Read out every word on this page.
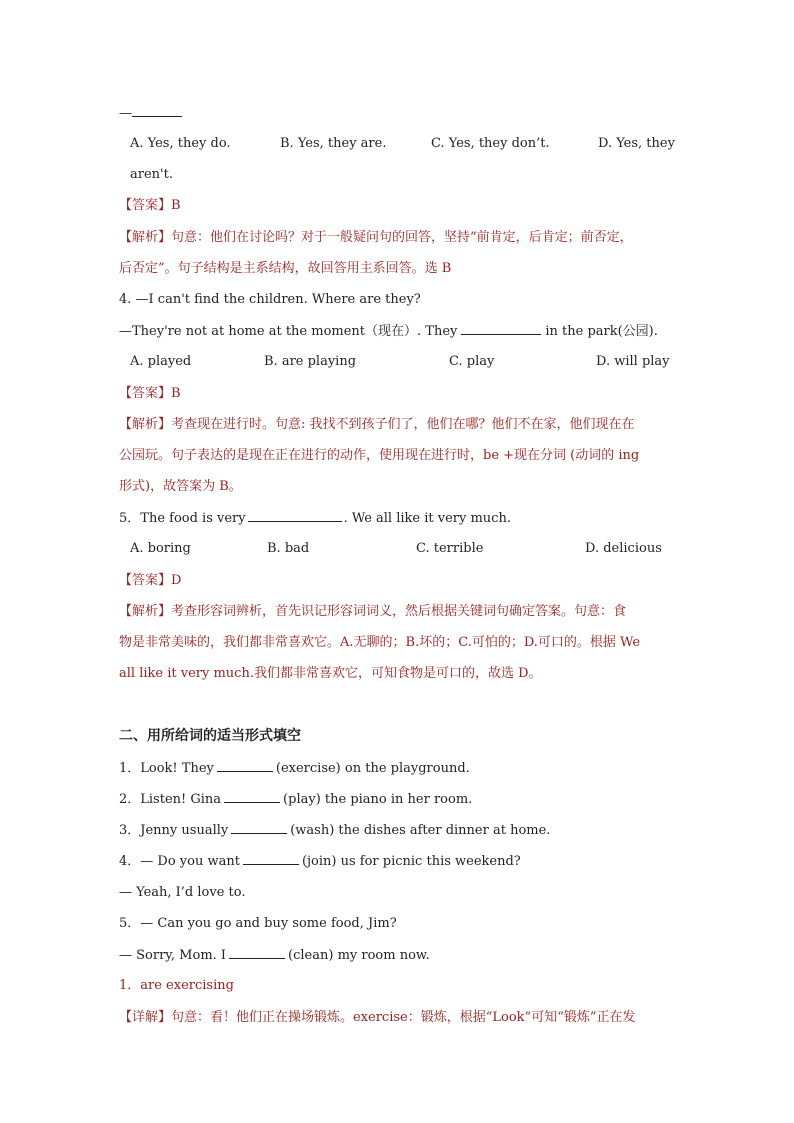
—
A. Yes, they do.	B. Yes, they are.	C. Yes, they don’t.	D. Yes, they
aren't.
【答案】B
【解析】句意：他们在讨论吗？对于一般疑问句的回答，坚持“前肯定，后肯定；前否定，
后否定”。句子结构是主系结构，故回答用主系回答。选 B
4. —I can't find the children. Where are they?
—They're not at home at the moment（现在）. They	in the park(公园).
A. played	B. are playing	C. play	D. will play
【答案】B
【解析】考查现在进行时。句意: 我找不到孩子们了，他们在哪？他们不在家，他们现在在
公园玩。句子表达的是现在正在进行的动作，使用现在进行时，be +现在分词 (动词的 ing
形式)，故答案为 B。
5．The food is very	. We all like it very much.
A. boring	B. bad	C. terrible	D. delicious
【答案】D
【解析】考查形容词辨析，首先识记形容词词义，然后根据关键词句确定答案。句意：食
物是非常美味的，我们都非常喜欢它。A.无聊的；B.坏的；C.可怕的；D.可口的。根据 We
all like it very much.我们都非常喜欢它，可知食物是可口的，故选 D。
二、用所给词的适当形式填空
1．Look! They	(exercise) on the playground.
2．Listen! Gina	(play) the piano in her room.
3．Jenny usually	(wash) the dishes after dinner at home.
4．— Do you want	(join) us for picnic this weekend?
— Yeah, I’d love to.
5．— Can you go and buy some food, Jim?
— Sorry, Mom. I	(clean) my room now.
1．are exercising
【详解】句意：看！他们正在操场锻炼。exercise：锻炼，根据“Look”可知“锻炼”正在发
